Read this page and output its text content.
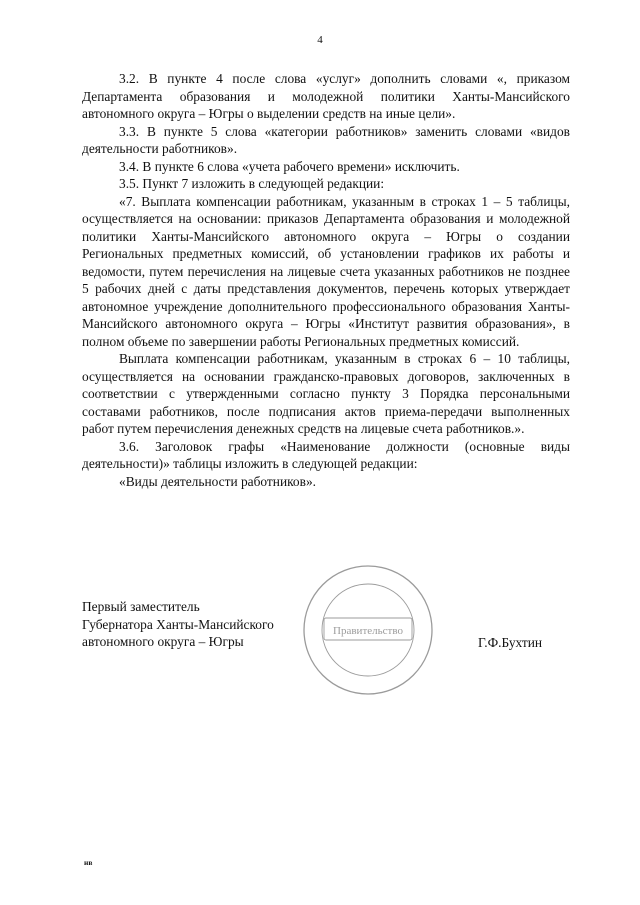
4

3.2. В пункте 4 после слова «услуг» дополнить словами «, приказом Департамента образования и молодежной политики Ханты-Мансийского автономного округа – Югры о выделении средств на иные цели».

3.3. В пункте 5 слова «категории работников» заменить словами «видов деятельности работников».

3.4. В пункте 6 слова «учета рабочего времени» исключить.

3.5. Пункт 7 изложить в следующей редакции:

«7. Выплата компенсации работникам, указанным в строках 1 – 5 таблицы, осуществляется на основании: приказов Департамента образования и молодежной политики Ханты-Мансийского автономного округа – Югры о создании Региональных предметных комиссий, об установлении графиков их работы и ведомости, путем перечисления на лицевые счета указанных работников не позднее 5 рабочих дней с даты представления документов, перечень которых утверждает автономное учреждение дополнительного профессионального образования Ханты-Мансийского автономного округа – Югры «Институт развития образования», в полном объеме по завершении работы Региональных предметных комиссий.

Выплата компенсации работникам, указанным в строках 6 – 10 таблицы, осуществляется на основании гражданско-правовых договоров, заключенных в соответствии с утвержденными согласно пункту 3 Порядка персональными составами работников, после подписания актов приема-передачи выполненных работ путем перечисления денежных средств на лицевые счета работников.».

3.6. Заголовок графы «Наименование должности (основные виды деятельности)» таблицы изложить в следующей редакции:

«Виды деятельности работников».

Первый заместитель
Губернатора Ханты-Мансийского
автономного округа – Югры
Правительство
Г.Ф.Бухтин
нв
